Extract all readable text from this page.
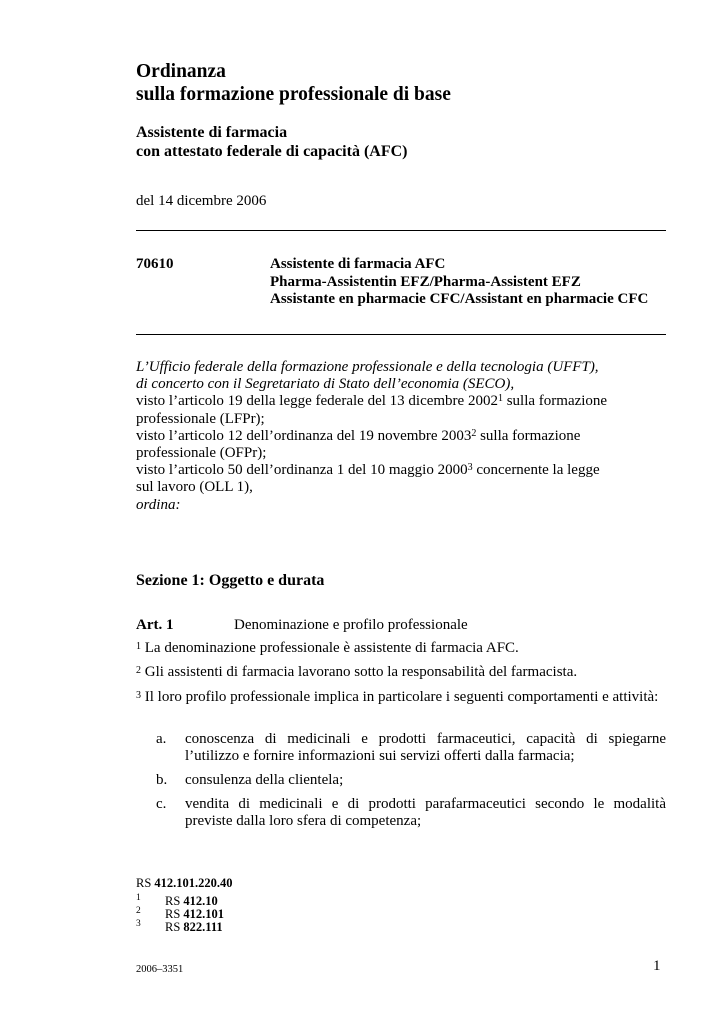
Ordinanza
sulla formazione professionale di base
Assistente di farmacia
con attestato federale di capacità (AFC)
del 14 dicembre 2006
70610	Assistente di farmacia AFC
Pharma-Assistentin EFZ/Pharma-Assistent EFZ
Assistante en pharmacie CFC/Assistant en pharmacie CFC
L’Ufficio federale della formazione professionale e della tecnologia (UFFT),
di concerto con il Segretariato di Stato dell’economia (SECO),
visto l’articolo 19 della legge federale del 13 dicembre 2002$^1$ sulla formazione
professionale (LFPr);
visto l’articolo 12 dell’ordinanza del 19 novembre 2003$^2$ sulla formazione
professionale (OFPr);
visto l’articolo 50 dell’ordinanza 1 del 10 maggio 2000$^3$ concernente la legge
sul lavoro (OLL 1),
ordina:
Sezione 1: Oggetto e durata
Art. 1	Denominazione e profilo professionale
$^1$ La denominazione professionale è assistente di farmacia AFC.
$^2$ Gli assistenti di farmacia lavorano sotto la responsabilità del farmacista.
$^3$ Il loro profilo professionale implica in particolare i seguenti comportamenti e attività:
a. conoscenza di medicinali e prodotti farmaceutici, capacità di spiegarne l’utilizzo e fornire informazioni sui servizi offerti dalla farmacia;
b. consulenza della clientela;
c. vendita di medicinali e di prodotti parafarmaceutici secondo le modalità previste dalla loro sfera di competenza;
RS 412.101.220.40
1 RS 412.10
2 RS 412.101
3 RS 822.111
2006–3351	1
